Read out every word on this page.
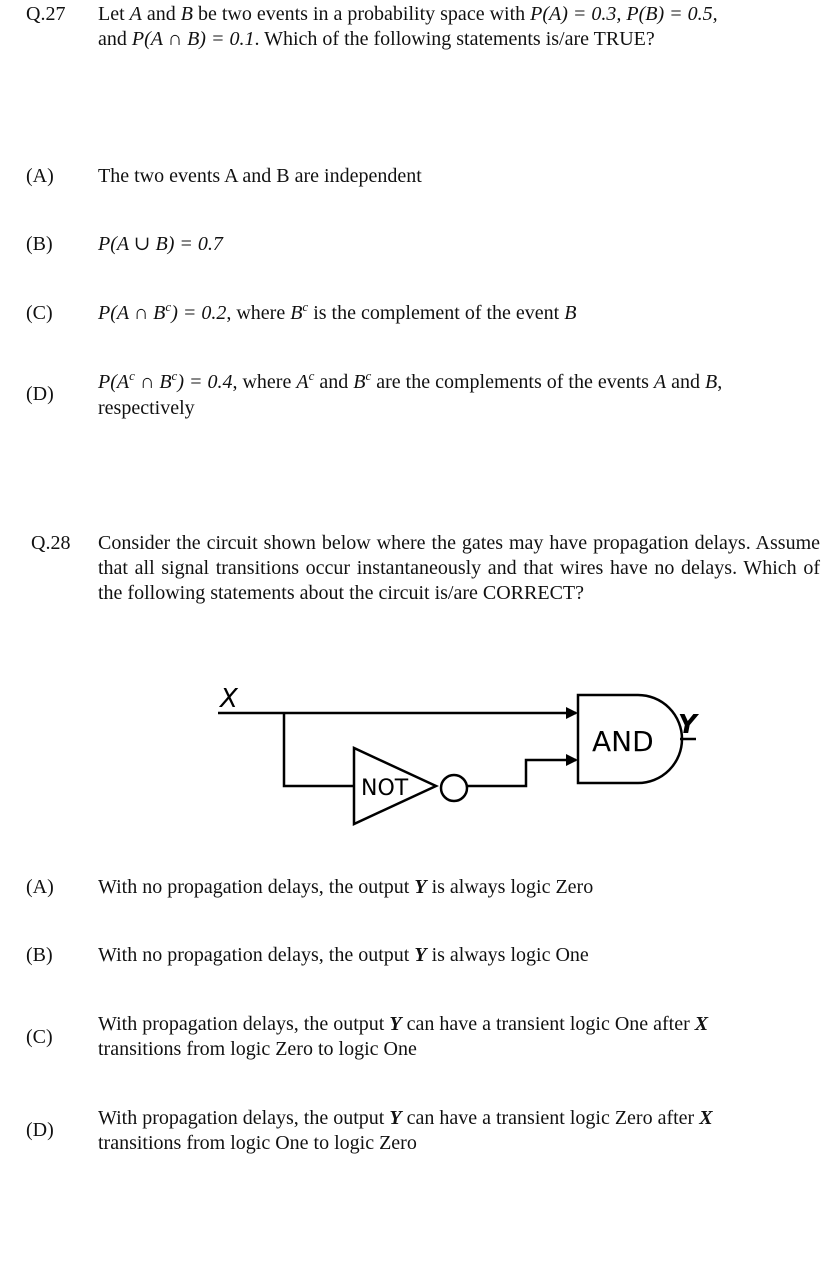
Q.27 Let A and B be two events in a probability space with P(A) = 0.3, P(B) = 0.5,
and P(A ∩ B) = 0.1. Which of the following statements is/are TRUE?
(A) The two events A and B are independent
(B) P(A ∪ B) = 0.7
(C) P(A ∩ $B^c) = 0.2$, where $B^c$ is the complement of the event B
(D)
$P(A^c$ ∩ $B^c) = 0.4$, where $A^c$ and $B^c$ are the complements of the events A and B,
respectively
Q.28 Consider the circuit shown below where the gates may have propagation delays. Assume that all signal transitions occur instantaneously and that wires have no delays. Which of the following statements about the circuit is/are CORRECT?
X
NOT
AND Y
(A) With no propagation delays, the output Y is always logic Zero
(B) With no propagation delays, the output Y is always logic One
(C)
With propagation delays, the output Y can have a transient logic One after X
transitions from logic Zero to logic One
(D)
With propagation delays, the output Y can have a transient logic Zero after X
transitions from logic One to logic Zero
